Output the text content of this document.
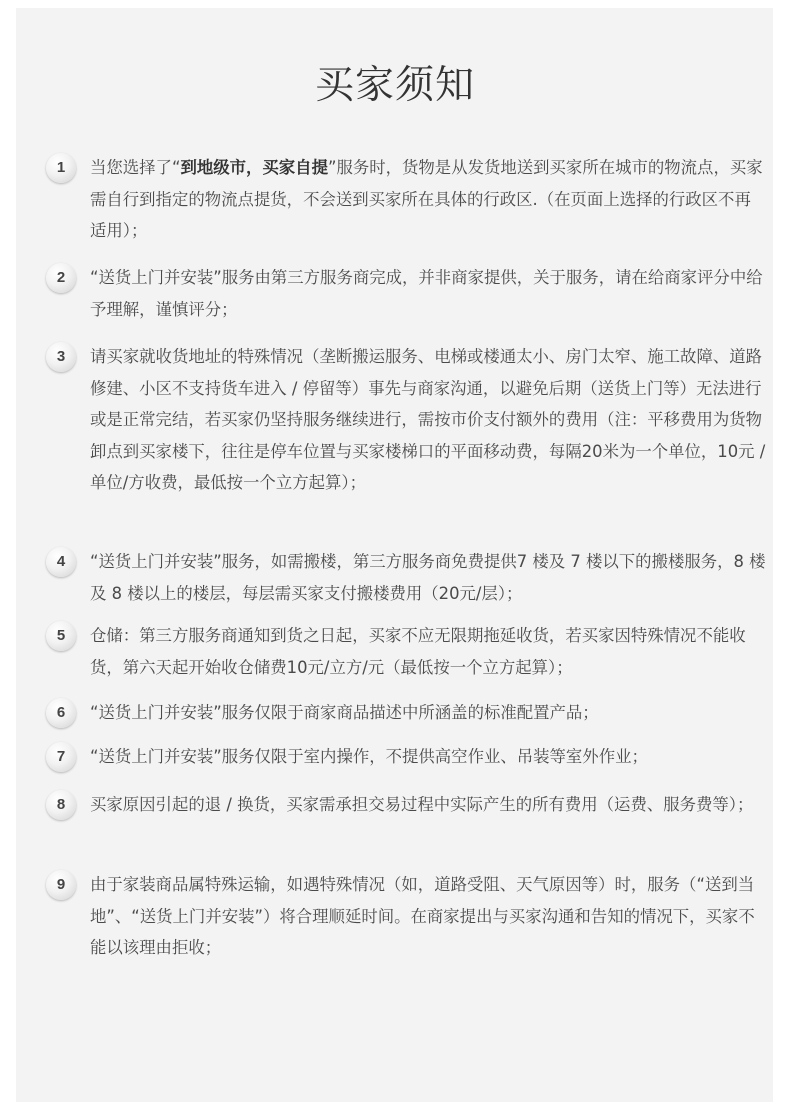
买家须知
1	当您选择了“到地级市，买家自提”服务时，货物是从发货地送到买家所在城市的物流点，买家需自行到指定的物流点提货，不会送到买家所在具体的行政区.（在页面上选择的行政区不再适用）；

2	“送货上门并安装”服务由第三方服务商完成，并非商家提供，关于服务，请在给商家评分中给予理解，谨慎评分；

3	请买家就收货地址的特殊情况（垄断搬运服务、电梯或楼通太小、房门太窄、施工故障、道路修建、小区不支持货车进入 / 停留等）事先与商家沟通，以避免后期（送货上门等）无法进行或是正常完结，若买家仍坚持服务继续进行，需按市价支付额外的费用（注：平移费用为货物卸点到买家楼下，往往是停车位置与买家楼梯口的平面移动费，每隔20米为一个单位，10元 / 单位/方收费，最低按一个立方起算）；

4	“送货上门并安装”服务，如需搬楼，第三方服务商免费提供7 楼及 7 楼以下的搬楼服务，8 楼及 8 楼以上的楼层，每层需买家支付搬楼费用（20元/层）；

5	仓储：第三方服务商通知到货之日起，买家不应无限期拖延收货，若买家因特殊情况不能收货，第六天起开始收仓储费10元/立方/元（最低按一个立方起算）；

6	“送货上门并安装”服务仅限于商家商品描述中所涵盖的标准配置产品；

7	“送货上门并安装”服务仅限于室内操作，不提供高空作业、吊装等室外作业；

8	买家原因引起的退 / 换货，买家需承担交易过程中实际产生的所有费用（运费、服务费等）；

9	由于家装商品属特殊运输，如遇特殊情况（如，道路受阻、天气原因等）时，服务（“送到当地”、“送货上门并安装”）将合理顺延时间。在商家提出与买家沟通和告知的情况下，买家不能以该理由拒收；
